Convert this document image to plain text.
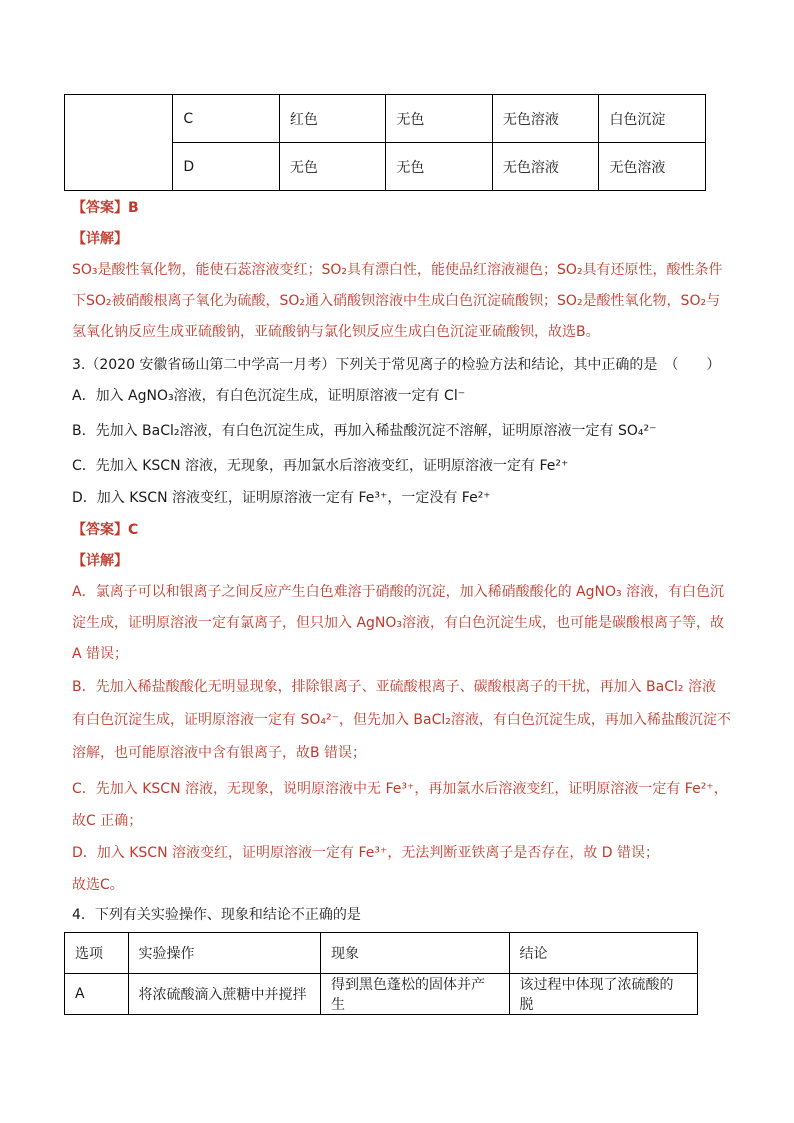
	C	红色	无色	无色溶液	白色沉淀
	D	无色	无色	无色溶液	无色溶液
【答案】B
【详解】
SO₃是酸性氧化物，能使石蕊溶液变红；SO₂具有漂白性，能使品红溶液褪色；SO₂具有还原性，酸性条件
下SO₂被硝酸根离子氧化为硫酸，SO₂通入硝酸钡溶液中生成白色沉淀硫酸钡；SO₂是酸性氧化物，SO₂与
氢氧化钠反应生成亚硫酸钠，亚硫酸钠与氯化钡反应生成白色沉淀亚硫酸钡，故选B。
3.（2020 安徽省砀山第二中学高一月考）下列关于常见离子的检验方法和结论，其中正确的是　（　　）
A．加入 AgNO₃溶液，有白色沉淀生成，证明原溶液一定有 Cl⁻
B．先加入 BaCl₂溶液，有白色沉淀生成，再加入稀盐酸沉淀不溶解，证明原溶液一定有 SO₄²⁻
C．先加入 KSCN 溶液，无现象，再加氯水后溶液变红，证明原溶液一定有 Fe²⁺
D．加入 KSCN 溶液变红，证明原溶液一定有 Fe³⁺，一定没有 Fe²⁺
【答案】C
【详解】
A．氯离子可以和银离子之间反应产生白色难溶于硝酸的沉淀，加入稀硝酸酸化的 AgNO₃ 溶液，有白色沉
淀生成，证明原溶液一定有氯离子，但只加入 AgNO₃溶液，有白色沉淀生成，也可能是碳酸根离子等，故
A 错误；
B．先加入稀盐酸酸化无明显现象，排除银离子、亚硫酸根离子、碳酸根离子的干扰，再加入 BaCl₂ 溶液
有白色沉淀生成，证明原溶液一定有 SO₄²⁻，但先加入 BaCl₂溶液，有白色沉淀生成，再加入稀盐酸沉淀不
溶解，也可能原溶液中含有银离子，故B 错误；
C．先加入 KSCN 溶液，无现象，说明原溶液中无 Fe³⁺，再加氯水后溶液变红，证明原溶液一定有 Fe²⁺，
故C 正确；
D．加入 KSCN 溶液变红，证明原溶液一定有 Fe³⁺，无法判断亚铁离子是否存在，故 D 错误；
故选C。
4．下列有关实验操作、现象和结论不正确的是
选项	实验操作	现象	结论
A	将浓硫酸滴入蔗糖中并搅拌	得到黑色蓬松的固体并产生	该过程中体现了浓硫酸的脱
